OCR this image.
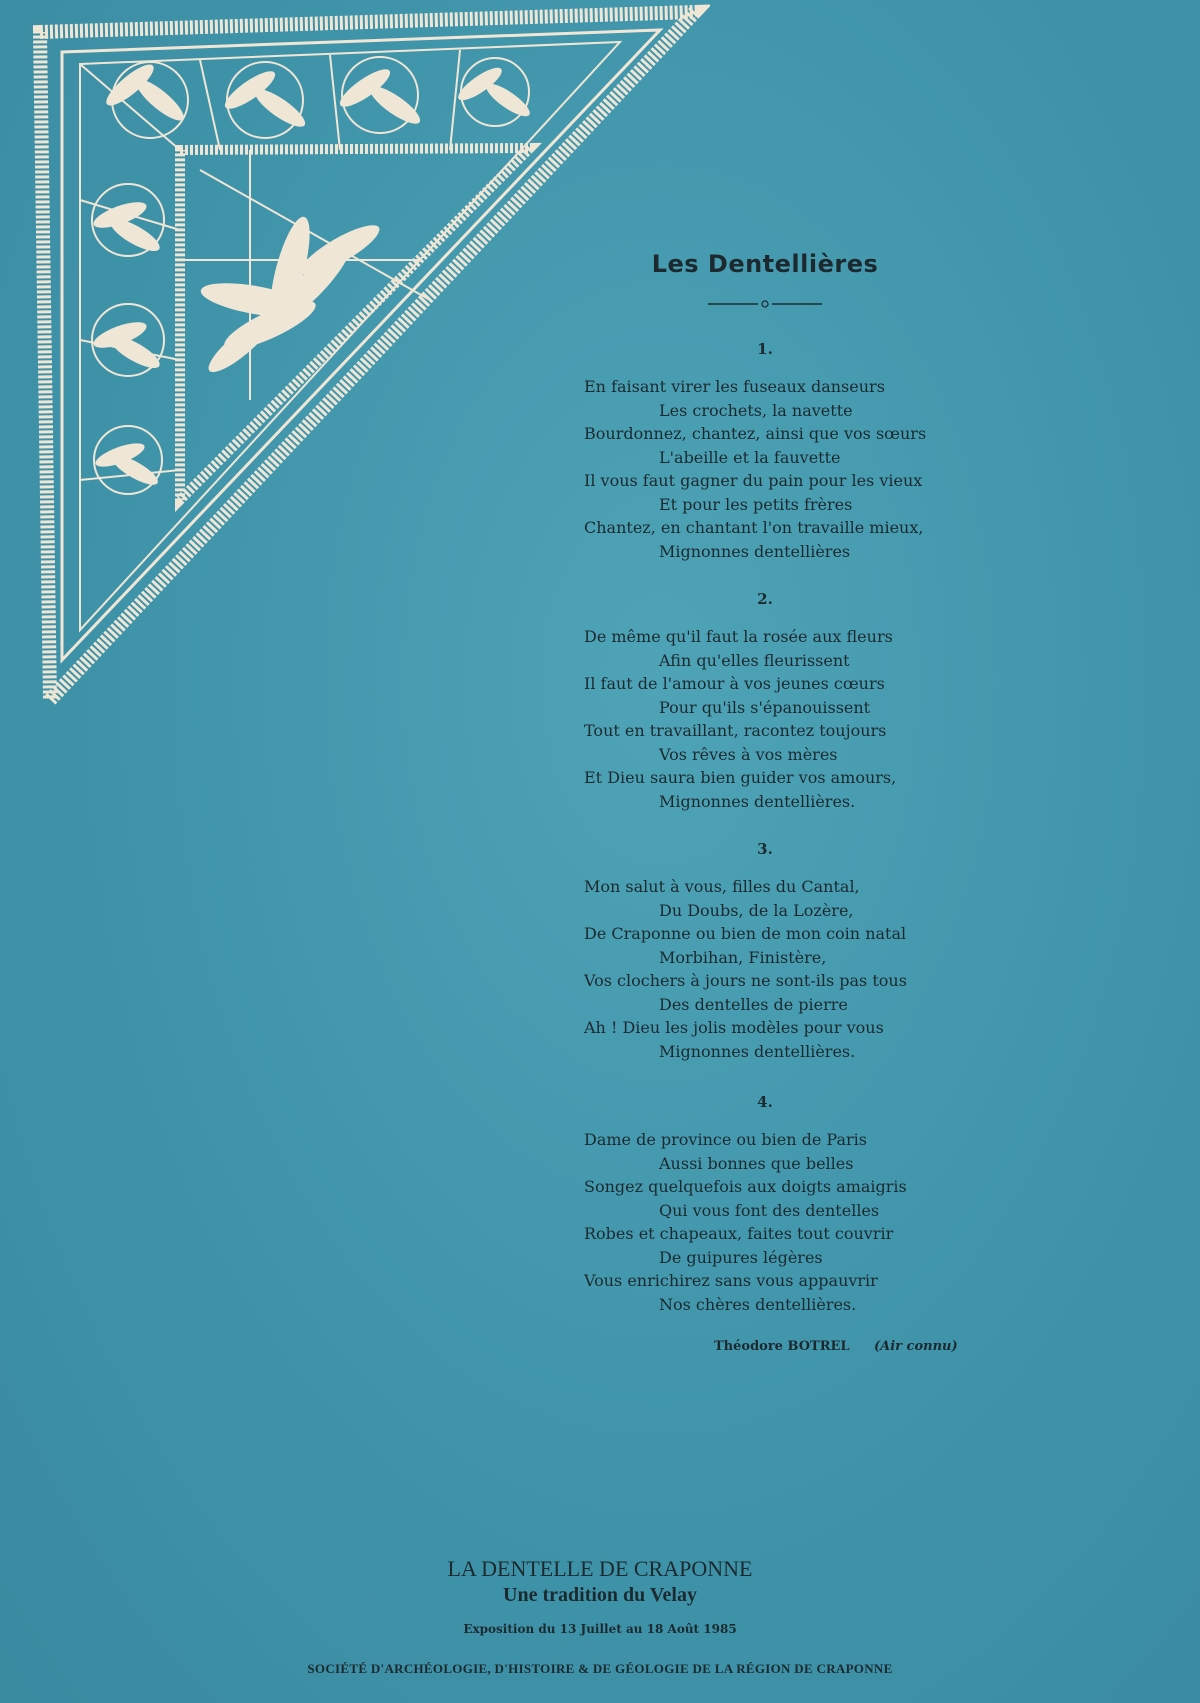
Les Dentellières
1.
En faisant virer les fuseaux danseurs
Les crochets, la navette
Bourdonnez, chantez, ainsi que vos sœurs
L'abeille et la fauvette
Il vous faut gagner du pain pour les vieux
Et pour les petits frères
Chantez, en chantant l'on travaille mieux,
Mignonnes dentellières
2.
De même qu'il faut la rosée aux fleurs
Afin qu'elles fleurissent
Il faut de l'amour à vos jeunes cœurs
Pour qu'ils s'épanouissent
Tout en travaillant, racontez toujours
Vos rêves à vos mères
Et Dieu saura bien guider vos amours,
Mignonnes dentellières.
3.
Mon salut à vous, filles du Cantal,
Du Doubs, de la Lozère,
De Craponne ou bien de mon coin natal
Morbihan, Finistère,
Vos clochers à jours ne sont-ils pas tous
Des dentelles de pierre
Ah ! Dieu les jolis modèles pour vous
Mignonnes dentellières.
4.
Dame de province ou bien de Paris
Aussi bonnes que belles
Songez quelquefois aux doigts amaigris
Qui vous font des dentelles
Robes et chapeaux, faites tout couvrir
De guipures légères
Vous enrichirez sans vous appauvrir
Nos chères dentellières.
Théodore BOTREL (Air connu)
LA DENTELLE DE CRAPONNE
Une tradition du Velay
Exposition du 13 Juillet au 18 Août 1985
SOCIÉTÉ D'ARCHÉOLOGIE, D'HISTOIRE & DE GÉOLOGIE DE LA RÉGION DE CRAPONNE
